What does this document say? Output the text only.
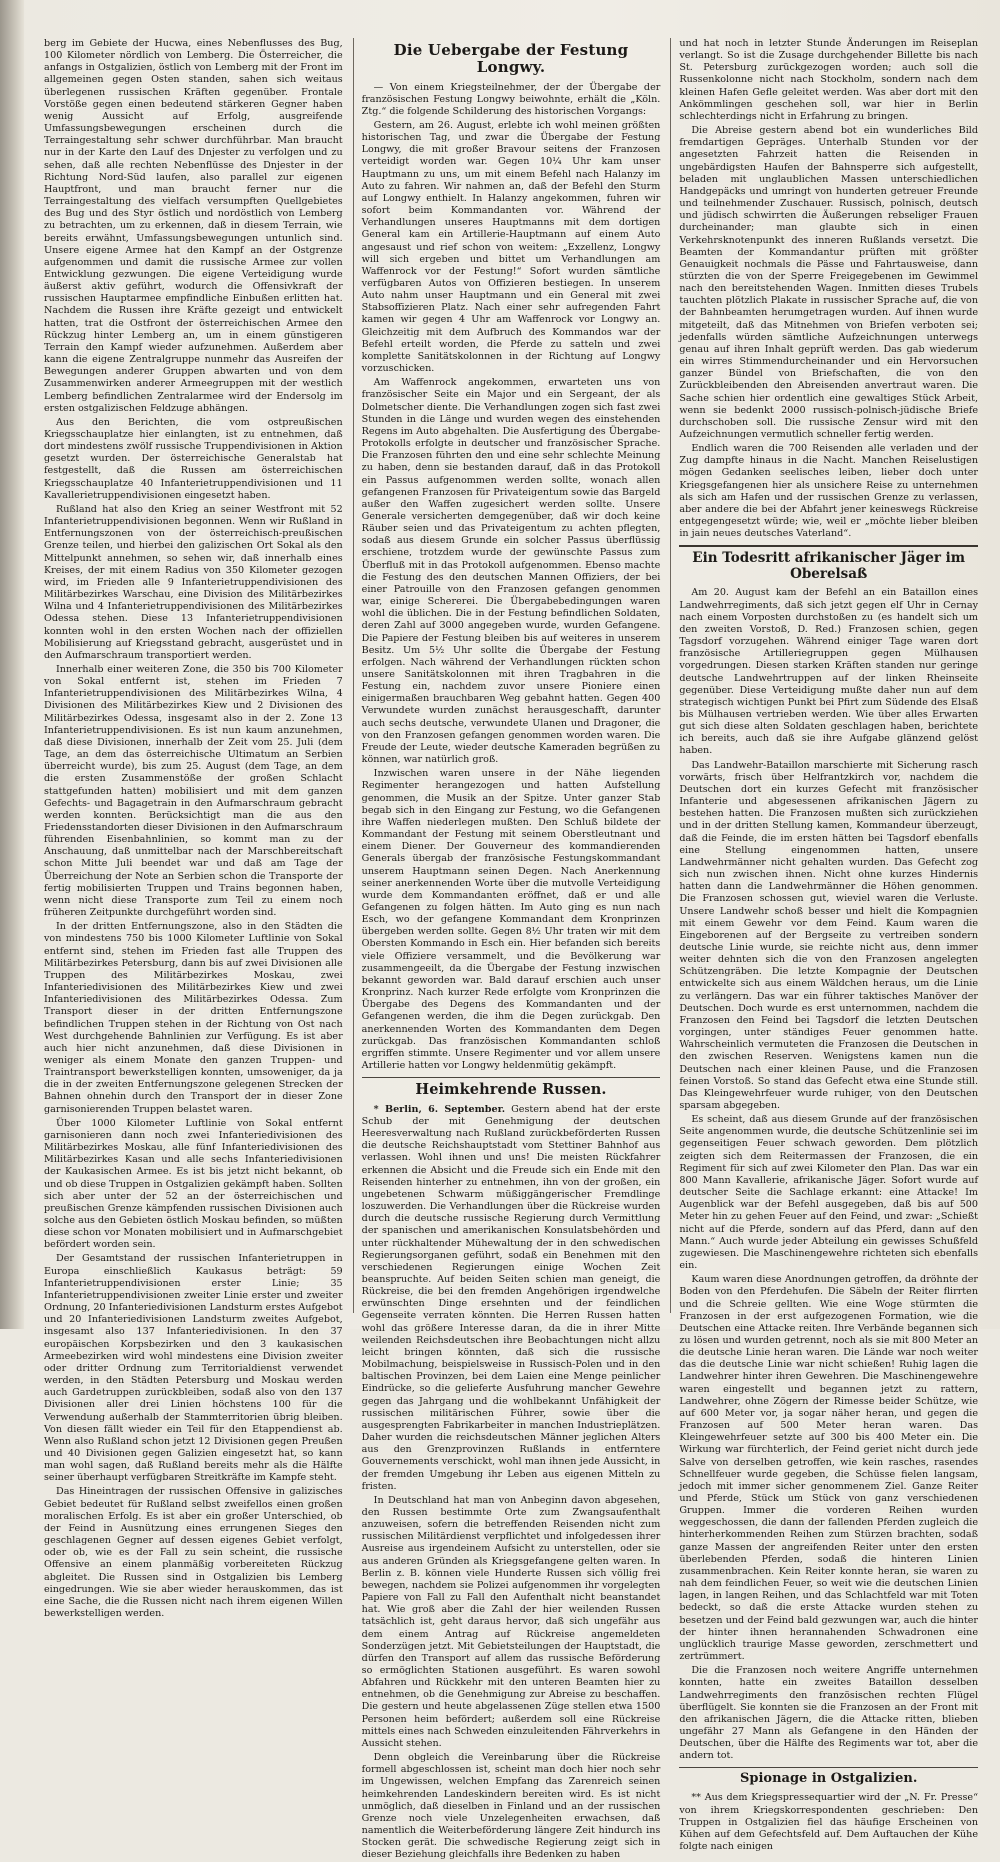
berg im Gebiete der Hucwa, eines Nebenflusses des Bug, 100 Kilometer nördlich von Lemberg. Die Österreicher, die anfangs in Ostgalizien, östlich von Lemberg mit der Front im allgemeinen gegen Osten standen, sahen sich weitaus überlegenen russischen Kräften gegenüber. Frontale Vorstöße gegen einen bedeutend stärkeren Gegner haben wenig Aussicht auf Erfolg, ausgreifende Umfassungsbewegungen erscheinen durch die Terraingestaltung sehr schwer durchführbar. Man braucht nur in der Karte den Lauf des Dnjester zu verfolgen und zu sehen, daß alle rechten Nebenflüsse des Dnjester in der Richtung Nord-Süd laufen, also parallel zur eigenen Hauptfront, und man braucht ferner nur die Terraingestaltung des vielfach versumpften Quellgebietes des Bug und des Styr östlich und nordöstlich von Lemberg zu betrachten, um zu erkennen, daß in diesem Terrain, wie bereits erwähnt, Umfassungsbewegungen untunlich sind. Unsere eigene Armee hat den Kampf an der Ostgrenze aufgenommen und damit die russische Armee zur vollen Entwicklung gezwungen. Die eigene Verteidigung wurde äußerst aktiv geführt, wodurch die Offensivkraft der russischen Hauptarmee empfindliche Einbußen erlitten hat. Nachdem die Russen ihre Kräfte gezeigt und entwickelt hatten, trat die Ostfront der österreichischen Armee den Rückzug hinter Lemberg an, um in einem günstigeren Terrain den Kampf wieder aufzunehmen. Außerdem aber kann die eigene Zentralgruppe nunmehr das Ausreifen der Bewegungen anderer Gruppen abwarten und von dem Zusammenwirken anderer Armeegruppen mit der westlich Lemberg befindlichen Zentralarmee wird der Endersolg im ersten ostgalizischen Feldzuge abhängen.

Aus den Berichten, die vom ostpreußischen Kriegsschauplatze hier einlangten, ist zu entnehmen, daß dort mindestens zwölf russische Truppendivisionen in Aktion gesetzt wurden. Der österreichische Generalstab hat festgestellt, daß die Russen am österreichischen Kriegsschauplatze 40 Infanterietruppendivisionen und 11 Kavallerietruppendivisionen eingesetzt haben.

Rußland hat also den Krieg an seiner Westfront mit 52 Infanterietruppendivisionen begonnen. Wenn wir Rußland in Entfernungszonen von der österreichisch-preußischen Grenze teilen, und hierbei den galizischen Ort Sokal als den Mittelpunkt annehmen, so sehen wir, daß innerhalb eines Kreises, der mit einem Radius von 350 Kilometer gezogen wird, im Frieden alle 9 Infanterietruppendivisionen des Militärbezirkes Warschau, eine Division des Militärbezirkes Wilna und 4 Infanterietruppendivisionen des Militärbezirkes Odessa stehen. Diese 13 Infanterietruppendivisionen konnten wohl in den ersten Wochen nach der offiziellen Mobilisierung auf Kriegsstand gebracht, ausgerüstet und in den Aufmarschraum transportiert werden.

Innerhalb einer weiteren Zone, die 350 bis 700 Kilometer von Sokal entfernt ist, stehen im Frieden 7 Infanterietruppendivisionen des Militärbezirkes Wilna, 4 Divisionen des Militärbezirkes Kiew und 2 Divisionen des Militärbezirkes Odessa, insgesamt also in der 2. Zone 13 Infanterietruppendivisionen. Es ist nun kaum anzunehmen, daß diese Divisionen, innerhalb der Zeit vom 25. Juli (dem Tage, an dem das österreichische Ultimatum an Serbien überreicht wurde), bis zum 25. August (dem Tage, an dem die ersten Zusammenstöße der großen Schlacht stattgefunden hatten) mobilisiert und mit dem ganzen Gefechts- und Bagagetrain in den Aufmarschraum gebracht werden konnten. Berücksichtigt man die aus den Friedensstandorten dieser Divisionen in den Aufmarschraum führenden Eisenbahnlinien, so kommt man zu der Anschauung, daß unmittelbar nach der Marschbereitschaft schon Mitte Juli beendet war und daß am Tage der Überreichung der Note an Serbien schon die Transporte der fertig mobilisierten Truppen und Trains begonnen haben, wenn nicht diese Transporte zum Teil zu einem noch früheren Zeitpunkte durchgeführt worden sind.

In der dritten Entfernungszone, also in den Städten die von mindestens 750 bis 1000 Kilometer Luftlinie von Sokal entfernt sind, stehen im Frieden fast alle Truppen des Militärbezirkes Petersburg, dann bis auf zwei Divisionen alle Truppen des Militärbezirkes Moskau, zwei Infanteriedivisionen des Militärbezirkes Kiew und zwei Infanteriedivisionen des Militärbezirkes Odessa. Zum Transport dieser in der dritten Entfernungszone befindlichen Truppen stehen in der Richtung von Ost nach West durchgehende Bahnlinien zur Verfügung. Es ist aber auch hier nicht anzunehmen, daß diese Divisionen in weniger als einem Monate den ganzen Truppen- und Traintransport bewerkstelligen konnten, umsoweniger, da ja die in der zweiten Entfernungszone gelegenen Strecken der Bahnen ohnehin durch den Transport der in dieser Zone garnisonierenden Truppen belastet waren.

Über 1000 Kilometer Luftlinie von Sokal entfernt garnisonieren dann noch zwei Infanteriedivisionen des Militärbezirkes Moskau, alle fünf Infanteriedivisionen des Militärbezirkes Kasan und alle sechs Infanteriedivisionen der Kaukasischen Armee. Es ist bis jetzt nicht bekannt, ob und ob diese Truppen in Ostgalizien gekämpft haben. Sollten sich aber unter der 52 an der österreichischen und preußischen Grenze kämpfenden russischen Divisionen auch solche aus den Gebieten östlich Moskau befinden, so müßten diese schon vor Monaten mobilisiert und in Aufmarschgebiet befördert worden sein.

Der Gesamtstand der russischen Infanterietruppen in Europa einschließlich Kaukasus beträgt: 59 Infanterietruppendivisionen erster Linie; 35 Infanterietruppendivisionen zweiter Linie erster und zweiter Ordnung, 20 Infanteriedivisionen Landsturm erstes Aufgebot und 20 Infanteriedivisionen Landsturm zweites Aufgebot, insgesamt also 137 Infanteriedivisionen. In den 37 europäischen Korpsbezirken und den 3 kaukasischen Armeebezirken wird wohl mindestens eine Division zweiter oder dritter Ordnung zum Territorialdienst verwendet werden, in den Städten Petersburg und Moskau werden auch Gardetruppen zurückbleiben, sodaß also von den 137 Divisionen aller drei Linien höchstens 100 für die Verwendung außerhalb der Stammterritorien übrig bleiben. Von diesen fällt wieder ein Teil für den Etappendienst ab. Wenn also Rußland schon jetzt 12 Divisionen gegen Preußen und 40 Divisionen gegen Galizien eingesetzt hat, so kann man wohl sagen, daß Rußland bereits mehr als die Hälfte seiner überhaupt verfügbaren Streitkräfte im Kampfe steht.

Das Hineintragen der russischen Offensive in galizisches Gebiet bedeutet für Rußland selbst zweifellos einen großen moralischen Erfolg. Es ist aber ein großer Unterschied, ob der Feind in Ausnützung eines errungenen Sieges den geschlagenen Gegner auf dessen eigenes Gebiet verfolgt, oder ob, wie es der Fall zu sein scheint, die russische Offensive an einem planmäßig vorbereiteten Rückzug abgleitet. Die Russen sind in Ostgalizien bis Lemberg eingedrungen. Wie sie aber wieder herauskommen, das ist eine Sache, die die Russen nicht nach ihrem eigenen Willen bewerkstelligen werden.

Die Uebergabe der Festung Longwy.

— Von einem Kriegsteilnehmer, der der Übergabe der französischen Festung Longwy beiwohnte, erhält die „Köln. Ztg.“ die folgende Schilderung des historischen Vorgangs:

Gestern, am 26. August, erlebte ich wohl meinen größten historischen Tag, und zwar die Übergabe der Festung Longwy, die mit großer Bravour seitens der Franzosen verteidigt worden war. Gegen 10¼ Uhr kam unser Hauptmann zu uns, um mit einem Befehl nach Halanzy im Auto zu fahren. Wir nahmen an, daß der Befehl den Sturm auf Longwy enthielt. In Halanzy angekommen, fuhren wir sofort beim Kommandanten vor. Während der Verhandlungen unseres Hauptmanns mit dem dortigen General kam ein Artillerie-Hauptmann auf einem Auto angesaust und rief schon von weitem: „Exzellenz, Longwy will sich ergeben und bittet um Verhandlungen am Waffenrock vor der Festung!“ Sofort wurden sämtliche verfügbaren Autos von Offizieren bestiegen. In unserem Auto nahm unser Hauptmann und ein General mit zwei Stabsoffizieren Platz. Nach einer sehr aufregenden Fahrt kamen wir gegen 4 Uhr am Waffenrock vor Longwy an. Gleichzeitig mit dem Aufbruch des Kommandos war der Befehl erteilt worden, die Pferde zu satteln und zwei komplette Sanitätskolonnen in der Richtung auf Longwy vorzuschicken.

Am Waffenrock angekommen, erwarteten uns von französischer Seite ein Major und ein Sergeant, der als Dolmetscher diente. Die Verhandlungen zogen sich fast zwei Stunden in die Länge und wurden wegen des einstehenden Regens im Auto abgehalten. Die Ausfertigung des Übergabe-Protokolls erfolgte in deutscher und französischer Sprache. Die Franzosen führten den und eine sehr schlechte Meinung zu haben, denn sie bestanden darauf, daß in das Protokoll ein Passus aufgenommen werden sollte, wonach allen gefangenen Franzosen für Privateigentum sowie das Bargeld außer den Waffen zugesichert werden sollte. Unsere Generale versicherten demgegenüber, daß wir doch keine Räuber seien und das Privateigentum zu achten pflegten, sodaß aus diesem Grunde ein solcher Passus überflüssig erschiene, trotzdem wurde der gewünschte Passus zum Überfluß mit in das Protokoll aufgenommen. Ebenso machte die Festung des den deutschen Mannen Offiziers, der bei einer Patrouille von den Franzosen gefangen genommen war, einige Schererei. Die Übergabebedingungen waren wohl die üblichen. Die in der Festung befindlichen Soldaten, deren Zahl auf 3000 angegeben wurde, wurden Gefangene. Die Papiere der Festung bleiben bis auf weiteres in unserem Besitz. Um 5½ Uhr sollte die Übergabe der Festung erfolgen. Nach während der Verhandlungen rückten schon unsere Sanitätskolonnen mit ihren Tragbahren in die Festung ein, nachdem zuvor unsere Pioniere einen einigermaßen brauchbaren Weg gebahnt hatten. Gegen 400 Verwundete wurden zunächst herausgeschafft, darunter auch sechs deutsche, verwundete Ulanen und Dragoner, die von den Franzosen gefangen genommen worden waren. Die Freude der Leute, wieder deutsche Kameraden begrüßen zu können, war natürlich groß.

Inzwischen waren unsere in der Nähe liegenden Regimenter herangezogen und hatten Aufstellung genommen, die Musik an der Spitze. Unter ganzer Stab begab sich in den Eingang zur Festung, wo die Gefangenen ihre Waffen niederlegen mußten. Den Schluß bildete der Kommandant der Festung mit seinem Oberstleutnant und einem Diener. Der Gouverneur des kommandierenden Generals übergab der französische Festungskommandant unserem Hauptmann seinen Degen. Nach Anerkennung seiner anerkennenden Worte über die mutvolle Verteidigung wurde dem Kommandanten eröffnet, daß er und alle Gefangenen zu folgen hätten. Im Auto ging es nun nach Esch, wo der gefangene Kommandant dem Kronprinzen übergeben werden sollte. Gegen 8½ Uhr traten wir mit dem Obersten Kommando in Esch ein. Hier befanden sich bereits viele Offiziere versammelt, und die Bevölkerung war zusammengeeilt, da die Übergabe der Festung inzwischen bekannt geworden war. Bald darauf erschien auch unser Kronprinz. Nach kurzer Rede erfolgte vom Kronprinzen die Übergabe des Degens des Kommandanten und der Gefangenen werden, die ihm die Degen zurückgab. Den anerkennenden Worten des Kommandanten dem Degen zurückgab. Das französischen Kommandanten schloß ergriffen stimmte. Unsere Regimenter und vor allem unsere Artillerie hatten vor Longwy heldenmütig gekämpft.

Heimkehrende Russen.

* Berlin, 6. September. Gestern abend hat der erste Schub der mit Genehmigung der deutschen Heeresverwaltung nach Rußland zurückbeförderten Russen die deutsche Reichshauptstadt vom Stettiner Bahnhof aus verlassen. Wohl ihnen und uns! Die meisten Rückfahrer erkennen die Absicht und die Freude sich ein Ende mit den Reisenden hinterher zu entnehmen, ihn von der großen, ein ungebetenen Schwarm müßiggängerischer Fremdlinge loszuwerden. Die Verhandlungen über die Rückreise wurden durch die deutsche russische Regierung durch Vermittlung der spanischen und amerikanischen Konsulatsbehörden und unter rückhaltender Mühewaltung der in den schwedischen Regierungsorganen geführt, sodaß ein Benehmen mit den verschiedenen Regierungen einige Wochen Zeit beanspruchte. Auf beiden Seiten schien man geneigt, die Rückreise, die bei den fremden Angehörigen irgendwelche erwünschten Dinge ersehnten und der feindlichen Gegenseite verraten könnten. Die Herren Russen hatten wohl das größere Interesse daran, da die in ihrer Mitte weilenden Reichsdeutschen ihre Beobachtungen nicht allzu leicht bringen könnten, daß sich die russische Mobilmachung, beispielsweise in Russisch-Polen und in den baltischen Provinzen, bei dem Laien eine Menge peinlicher Eindrücke, so die gelieferte Ausfuhrung mancher Gewehre gegen das Jahrgang und die wohlbekannt Unfähigkeit der russischen militärischen Führer, sowie über die ausgesprengten Fabrikarbeiter in manchen Industrieplätzen. Daher wurden die reichsdeutschen Männer jeglichen Alters aus den Grenzprovinzen Rußlands in entferntere Gouvernements verschickt, wohl man ihnen jede Aussicht, in der fremden Umgebung ihr Leben aus eigenen Mitteln zu fristen.

In Deutschland hat man von Anbeginn davon abgesehen, den Russen bestimmte Orte zum Zwangsaufenthalt anzuweisen, sofern die betreffenden Reisenden nicht zum russischen Militärdienst verpflichtet und infolgedessen ihrer Ausreise aus irgendeinem Aufsicht zu unterstellen, oder sie aus anderen Gründen als Kriegsgefangene gelten waren. In Berlin z. B. können viele Hunderte Russen sich völlig frei bewegen, nachdem sie Polizei aufgenommen ihr vorgelegten Papiere von Fall zu Fall den Aufenthalt nicht beanstandet hat. Wie groß aber die Zahl der hier weilenden Russen tatsächlich ist, geht daraus hervor, daß sich ungefähr aus dem einem Antrag auf Rückreise angemeldeten Sonderzügen jetzt. Mit Gebietsteilungen der Hauptstadt, die dürfen den Transport auf allem das russische Beförderung so ermöglichten Stationen ausgeführt. Es waren sowohl Abfahren und Rückkehr mit den unteren Beamten hier zu entnehmen, ob die Genehmigung zur Abreise zu beschaffen. Die gestern und heute abgelassenen Züge stellen etwa 1500 Personen heim befördert; außerdem soll eine Rückreise mittels eines nach Schweden einzuleitenden Fährverkehrs in Aussicht stehen.

Denn obgleich die Vereinbarung über die Rückreise formell abgeschlossen ist, scheint man doch hier noch sehr im Ungewissen, welchen Empfang das Zarenreich seinen heimkehrenden Landeskindern bereiten wird. Es ist nicht unmöglich, daß dieselben in Finland und an der russischen Grenze noch viele Unzelegenheiten erwachsen, daß namentlich die Weiterbeförderung längere Zeit hindurch ins Stocken gerät. Die schwedische Regierung zeigt sich in dieser Beziehung gleichfalls ihre Bedenken zu haben

und hat noch in letzter Stunde Änderungen im Reiseplan verlangt. So ist die Zusage durchgehender Billette bis nach St. Petersburg zurückgezogen worden; auch soll die Russenkolonne nicht nach Stockholm, sondern nach dem kleinen Hafen Gefle geleitet werden. Was aber dort mit den Ankömmlingen geschehen soll, war hier in Berlin schlechterdings nicht in Erfahrung zu bringen.

Die Abreise gestern abend bot ein wunderliches Bild fremdartigen Gepräges. Unterhalb Stunden vor der angesetzten Fahrzeit hatten die Reisenden in ungebärdigsten Haufen der Bahnsperre sich aufgestellt, beladen mit unglaublichen Massen unterschiedlichen Handgepäcks und umringt von hunderten getreuer Freunde und teilnehmender Zuschauer. Russisch, polnisch, deutsch und jüdisch schwirrten die Äußerungen rebseliger Frauen durcheinander; man glaubte sich in einen Verkehrsknotenpunkt des inneren Rußlands versetzt. Die Beamten der Kommandantur prüften mit größter Genauigkeit nochmals die Pässe und Fahrtausweise, dann stürzten die von der Sperre Freigegebenen im Gewimmel nach den bereitstehenden Wagen. Inmitten dieses Trubels tauchten plötzlich Plakate in russischer Sprache auf, die von der Bahnbeamten herumgetragen wurden. Auf ihnen wurde mitgeteilt, daß das Mitnehmen von Briefen verboten sei; jedenfalls würden sämtliche Aufzeichnungen unterwegs genau auf ihren Inhalt geprüft werden. Das gab wiederum ein wirres Stimmendurcheinander und ein Hervorsuchen ganzer Bündel von Briefschaften, die von den Zurückbleibenden den Abreisenden anvertraut waren. Die Sache schien hier ordentlich eine gewaltiges Stück Arbeit, wenn sie bedenkt 2000 russisch-polnisch-jüdische Briefe durchschoben soll. Die russische Zensur wird mit den Aufzeichnungen vermutlich schneller fertig werden.

Endlich waren die 700 Reisenden alle verladen und der Zug dampfte hinaus in die Nacht. Manchen Reiselustigen mögen Gedanken seelisches leiben, lieber doch unter Kriegsgefangenen hier als unsichere Reise zu unternehmen als sich am Hafen und der russischen Grenze zu verlassen, aber andere die bei der Abfahrt jener keineswegs Rückreise entgegengesetzt würde; wie, weil er „möchte lieber bleiben in jain neues deutsches Vaterland“.

Ein Todesritt afrikanischer Jäger im Oberelsaß

Am 20. August kam der Befehl an ein Bataillon eines Landwehrregiments, daß sich jetzt gegen elf Uhr in Cernay nach einem Vorposten durchstoßen zu (es handelt sich um den zweiten Vorstoß, D. Red.) Franzosen schien, gegen Tagsdorf vorzugehen. Während einiger Tage waren dort französische Artilleriegruppen gegen Mülhausen vorgedrungen. Diesen starken Kräften standen nur geringe deutsche Landwehrtruppen auf der linken Rheinseite gegenüber. Diese Verteidigung mußte daher nun auf dem strategisch wichtigen Punkt bei Pfirt zum Südende des Elsaß bis Mülhausen vertrieben werden. Wie über alles Erwarten gut sich diese alten Soldaten geschlagen haben, berichtete ich bereits, auch daß sie ihre Aufgabe glänzend gelöst haben.

Das Landwehr-Bataillon marschierte mit Sicherung rasch vorwärts, frisch über Helfrantzkirch vor, nachdem die Deutschen dort ein kurzes Gefecht mit französischer Infanterie und abgesessenen afrikanischen Jägern zu bestehen hatten. Die Franzosen mußten sich zurückziehen und in der dritten Stellung kamen, Kommandeur überzeugt, daß die Feinde, die im ersten hätten bei Tagsdorf ebenfalls eine Stellung eingenommen hatten, unsere Landwehrmänner nicht gehalten wurden. Das Gefecht zog sich nun zwischen ihnen. Nicht ohne kurzes Hindernis hatten dann die Landwehrmänner die Höhen genommen. Die Franzosen schossen gut, wieviel waren die Verluste. Unsere Landwehr schoß besser und hielt die Kompagnien mit einem Gewehr vor dem Feind. Kaum waren die Eingeborenen auf der Bergseite zu vertreiben sondern deutsche Linie wurde, sie reichte nicht aus, denn immer weiter dehnten sich die von den Franzosen angelegten Schützengräben. Die letzte Kompagnie der Deutschen entwickelte sich aus einem Wäldchen heraus, um die Linie zu verlängern. Das war ein führer taktisches Manöver der Deutschen. Doch wurde es erst unternommen, nachdem die Franzosen den Feind bei Tagsdorf die letzten Deutschen vorgingen, unter ständiges Feuer genommen hatte. Wahrscheinlich vermuteten die Franzosen die Deutschen in den zwischen Reserven. Wenigstens kamen nun die Deutschen nach einer kleinen Pause, und die Franzosen feinen Vorstoß. So stand das Gefecht etwa eine Stunde still. Das Kleingewehrfeuer wurde ruhiger, von den Deutschen sparsam abgegeben.

Es scheint, daß aus diesem Grunde auf der französischen Seite angenommen wurde, die deutsche Schützenlinie sei im gegenseitigen Feuer schwach geworden. Dem plötzlich zeigten sich dem Reitermassen der Franzosen, die ein Regiment für sich auf zwei Kilometer den Plan. Das war ein 800 Mann Kavallerie, afrikanische Jäger. Sofort wurde auf deutscher Seite die Sachlage erkannt: eine Attacke! Im Augenblick war der Befehl ausgegeben, daß bis auf 500 Meter hin zu gehen Feuer auf den Feind, und zwar: „Schießt nicht auf die Pferde, sondern auf das Pferd, dann auf den Mann.“ Auch wurde jeder Abteilung ein gewisses Schußfeld zugewiesen. Die Maschinengewehre richteten sich ebenfalls ein.

Kaum waren diese Anordnungen getroffen, da dröhnte der Boden von den Pferdehufen. Die Säbeln der Reiter flirrten und die Schreie gellten. Wie eine Woge stürmten die Franzosen in der erst aufgezogenen Formation, wie die Deutschen eine Attacke reiten. Ihre Verbände begannen sich zu lösen und wurden getrennt, noch als sie mit 800 Meter an die deutsche Linie heran waren. Die Lände war noch weiter das die deutsche Linie war nicht schießen! Ruhig lagen die Landwehrer hinter ihren Gewehren. Die Maschinengewehre waren eingestellt und begannen jetzt zu rattern, Landwehrer, ohne Zögern der Rimesse beider Schütze, wie auf 600 Meter vor, ja sogar näher heran, und gegen die Franzosen auf 500 Meter heran waren. Das Kleingewehrfeuer setzte auf 300 bis 400 Meter ein. Die Wirkung war fürchterlich, der Feind geriet nicht durch jede Salve von derselben getroffen, wie kein rasches, rasendes Schnellfeuer wurde gegeben, die Schüsse fielen langsam, jedoch mit immer sicher genommenem Ziel. Ganze Reiter und Pferde, Stück um Stück von ganz verschiedenen Gruppen. Immer die vorderen Reihen wurden weggeschossen, die dann der fallenden Pferden zugleich die hinterherkommenden Reihen zum Stürzen brachten, sodaß ganze Massen der angreifenden Reiter unter den ersten überlebenden Pferden, sodaß die hinteren Linien zusammenbrachen. Kein Reiter konnte heran, sie waren zu nah dem feindlichen Feuer, so weit wie die deutschen Linien lagen, in langen Reihen, und das Schlachtfeld war mit Toten bedeckt, so daß die erste Attacke wurden stehen zu besetzen und der Feind bald gezwungen war, auch die hinter der hinter ihnen herannahenden Schwadronen eine unglücklich traurige Masse geworden, zerschmettert und zertrümmert.

Die die Franzosen noch weitere Angriffe unternehmen konnten, hatte ein zweites Bataillon desselben Landwehrregiments den französischen rechten Flügel überflügelt. Sie konnten sie die Franzosen an der Front mit den afrikanischen Jägern, die die Attacke ritten, blieben ungefähr 27 Mann als Gefangene in den Händen der Deutschen, über die Hälfte des Regiments war tot, aber die andern tot.

Spionage in Ostgalizien.

** Aus dem Kriegspressequartier wird der „N. Fr. Presse“ von ihrem Kriegskorrespondenten geschrieben: Den Truppen in Ostgalizien fiel das häufige Erscheinen von Kühen auf dem Gefechtsfeld auf. Dem Auftauchen der Kühe folgte nach einigen
